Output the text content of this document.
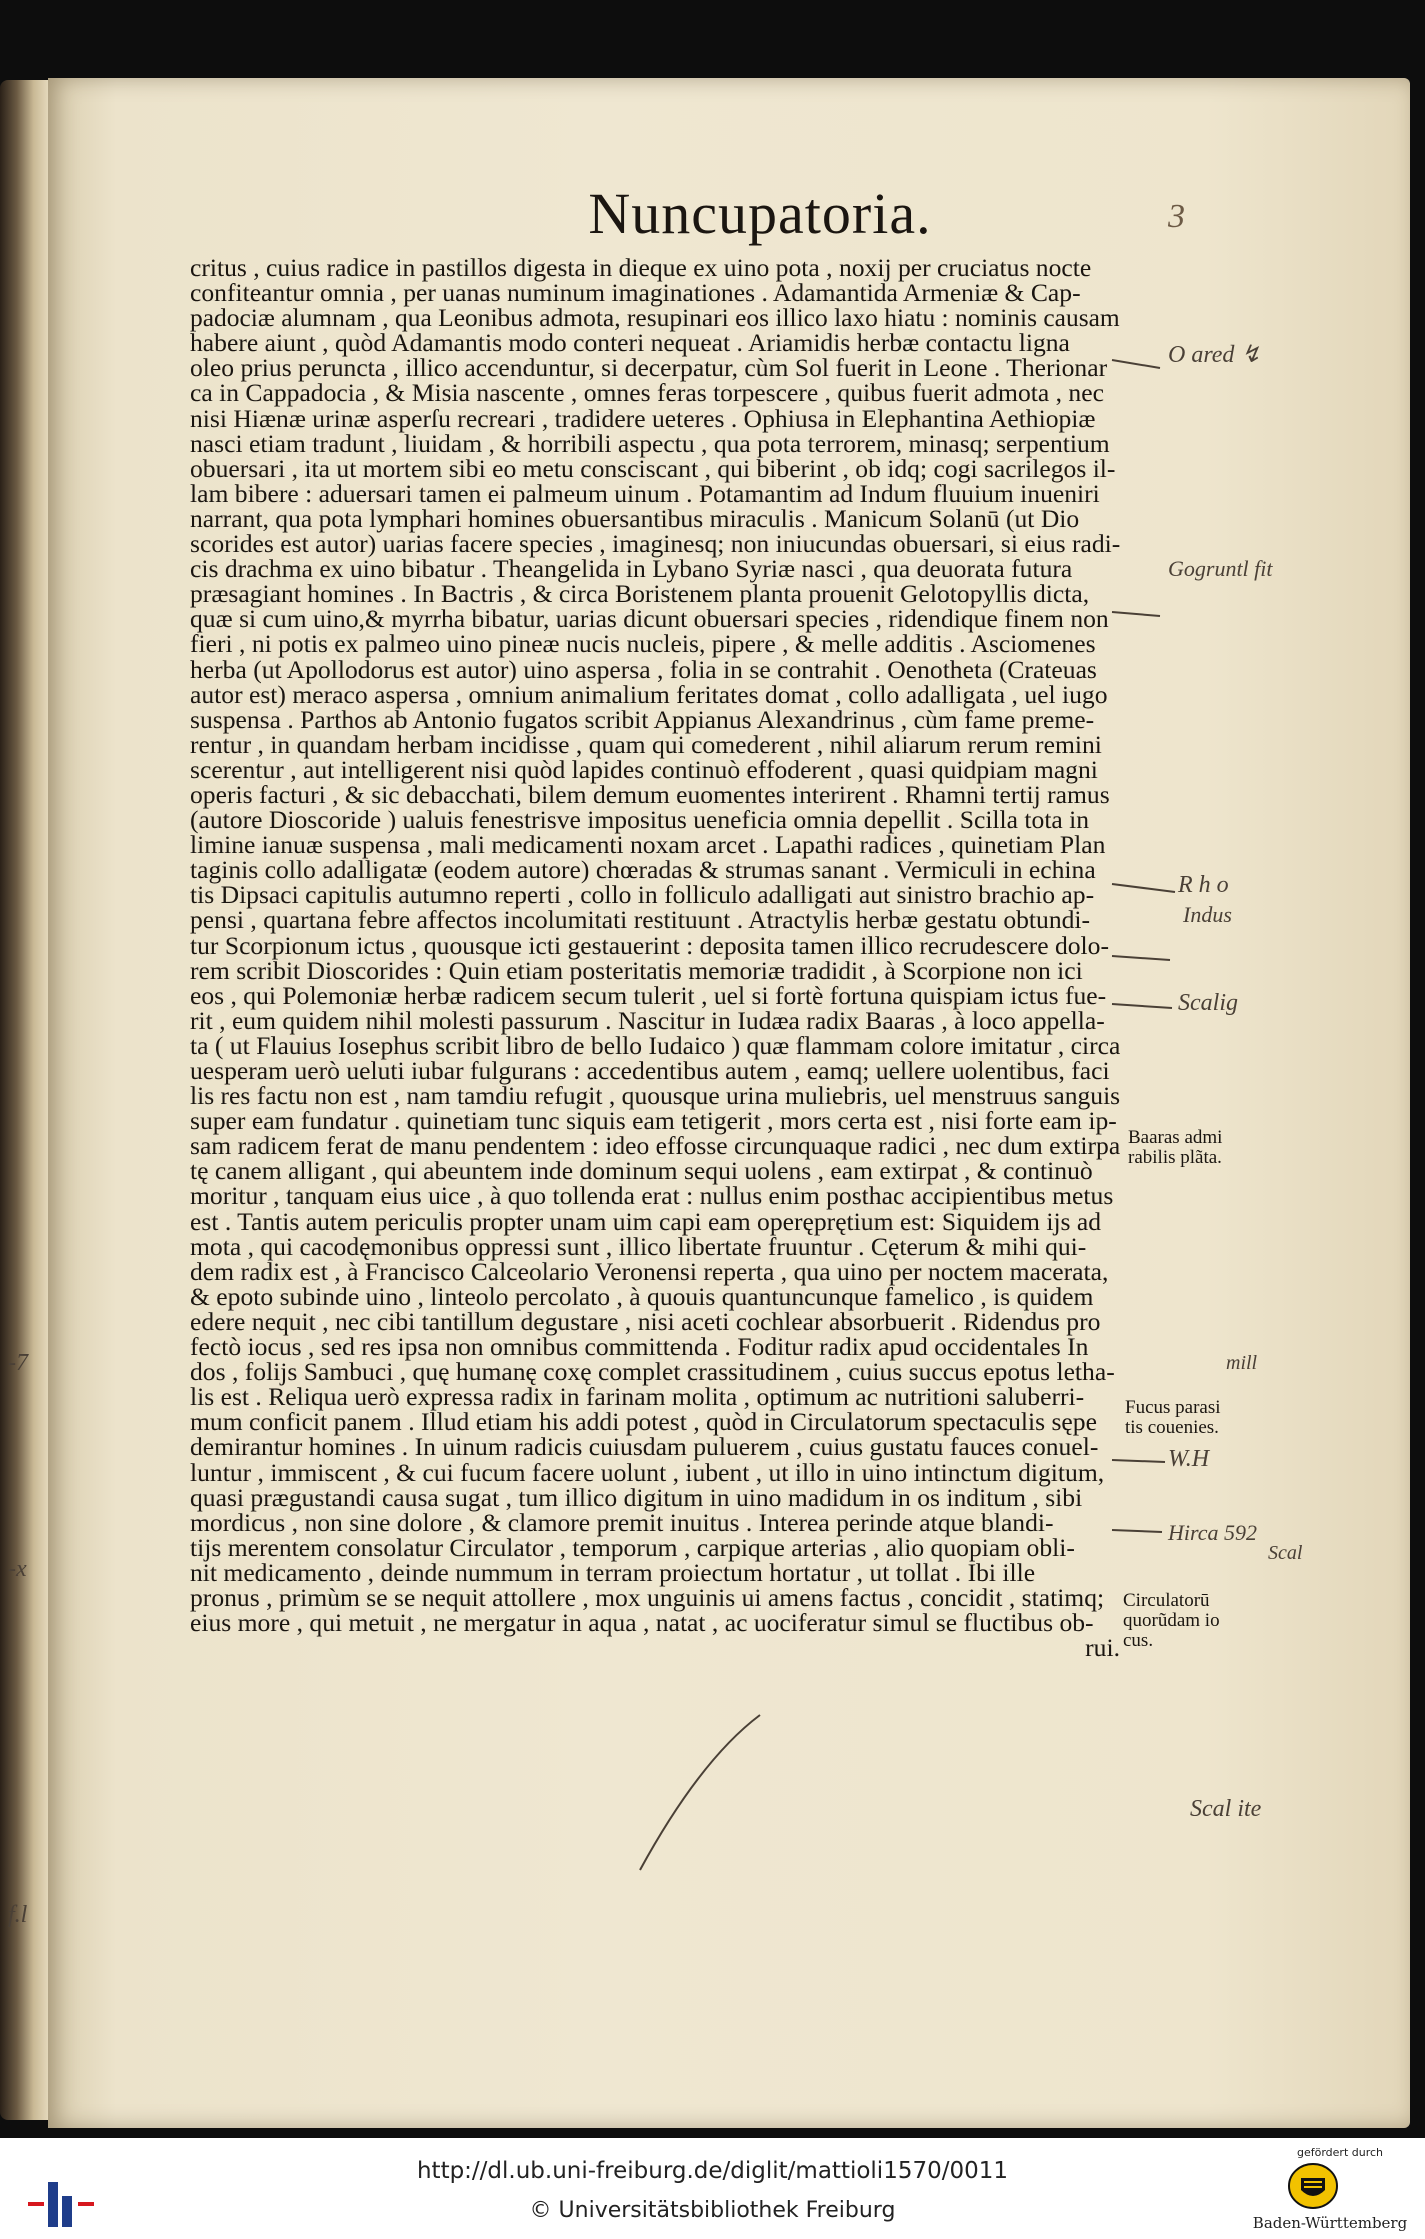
Nuncupatoria.	3
critus , cuius radice in pastillos digesta in dieque ex uino pota , noxij per cruciatus nocte
confiteantur omnia , per uanas numinum imaginationes . Adamantida Armeniæ & Cap-
padociæ alumnam , qua Leonibus admota, resupinari eos illico laxo hiatu : nominis causam
habere aiunt , quòd Adamantis modo conteri nequeat . Ariamidis herbæ contactu ligna
oleo prius peruncta , illico accenduntur, si decerpatur, cùm Sol fuerit in Leone . Therionar
ca in Cappadocia , & Misia nascente , omnes feras torpescere , quibus fuerit admota , nec
nisi Hiænæ urinæ asperſu recreari , tradidere ueteres . Ophiusa in Elephantina Aethiopiæ
nasci etiam tradunt , liuidam , & horribili aspectu , qua pota terrorem, minasq; serpentium
obuersari , ita ut mortem sibi eo metu consciscant , qui biberint , ob idq; cogi sacrilegos il-
lam bibere : aduersari tamen ei palmeum uinum . Potamantim ad Indum fluuium inueniri
narrant, qua pota lymphari homines obuersantibus miraculis . Manicum Solanū (ut Dio
scorides est autor) uarias facere species , imaginesq; non iniucundas obuersari, si eius radi-
cis drachma ex uino bibatur . Theangelida in Lybano Syriæ nasci , qua deuorata futura
præsagiant homines . In Bactris , & circa Boristenem planta prouenit Gelotopyllis dicta,
quæ si cum uino,& myrrha bibatur, uarias dicunt obuersari species , ridendique finem non
fieri , ni potis ex palmeo uino pineæ nucis nucleis, pipere , & melle additis . Asciomenes
herba (ut Apollodorus est autor) uino aspersa , folia in se contrahit . Oenotheta (Crateuas
autor est) meraco aspersa , omnium animalium feritates domat , collo adalligata , uel iugo
suspensa . Parthos ab Antonio fugatos scribit Appianus Alexandrinus , cùm fame preme-
rentur , in quandam herbam incidisse , quam qui comederent , nihil aliarum rerum remini
scerentur , aut intelligerent nisi quòd lapides continuò effoderent , quasi quidpiam magni
operis facturi , & sic debacchati, bilem demum euomentes interirent . Rhamni tertij ramus
(autore Dioscoride ) ualuis fenestrisve impositus ueneficia omnia depellit . Scilla tota in
limine ianuæ suspensa , mali medicamenti noxam arcet . Lapathi radices , quinetiam Plan
taginis collo adalligatæ (eodem autore) chœradas & strumas sanant . Vermiculi in echina
tis Dipsaci capitulis autumno reperti , collo in folliculo adalligati aut sinistro brachio ap-
pensi , quartana febre affectos incolumitati restituunt . Atractylis herbæ gestatu obtundi-
tur Scorpionum ictus , quousque icti gestauerint : deposita tamen illico recrudescere dolo-
rem scribit Dioscorides : Quin etiam posteritatis memoriæ tradidit , à Scorpione non ici
eos , qui Polemoniæ herbæ radicem secum tulerit , uel si fortè fortuna quispiam ictus fue-
rit , eum quidem nihil molesti passurum . Nascitur in Iudæa radix Baaras , à loco appella-
ta ( ut Flauius Iosephus scribit libro de bello Iudaico ) quæ flammam colore imitatur , circa
uesperam uerò ueluti iubar fulgurans : accedentibus autem , eamq; uellere uolentibus, faci
lis res factu non est , nam tamdiu refugit , quousque urina muliebris, uel menstruus sanguis
super eam fundatur . quinetiam tunc siquis eam tetigerit , mors certa est , nisi forte eam ip-
sam radicem ferat de manu pendentem : ideo effosse circunquaque radici , nec dum extirpa
tę canem alligant , qui abeuntem inde dominum sequi uolens , eam extirpat , & continuò
moritur , tanquam eius uice , à quo tollenda erat : nullus enim posthac accipientibus metus
est . Tantis autem periculis propter unam uim capi eam operęprętium est: Siquidem ijs ad
mota , qui cacodęmonibus oppressi sunt , illico libertate fruuntur . Cęterum & mihi qui-
dem radix est , à Francisco Calceolario Veronensi reperta , qua uino per noctem macerata,
& epoto subinde uino , linteolo percolato , à quouis quantuncunque famelico , is quidem
edere nequit , nec cibi tantillum degustare , nisi aceti cochlear absorbuerit . Ridendus pro
fectò iocus , sed res ipsa non omnibus committenda . Foditur radix apud occidentales In
dos , folijs Sambuci , quę humanę coxę complet crassitudinem , cuius succus epotus letha-
lis est . Reliqua uerò expressa radix in farinam molita , optimum ac nutritioni saluberri-
mum conficit panem . Illud etiam his addi potest , quòd in Circulatorum spectaculis sępe
demirantur homines . In uinum radicis cuiusdam puluerem , cuius gustatu fauces conuel-
luntur , immiscent , & cui fucum facere uolunt , iubent , ut illo in uino intinctum digitum,
quasi prægustandi causa sugat , tum illico digitum in uino madidum in os inditum , sibi
mordicus , non sine dolore , & clamore premit inuitus . Interea perinde atque blandi-
tijs merentem consolatur Circulator , temporum , carpique arterias , alio quopiam obli-
nit medicamento , deinde nummum in terram proiectum hortatur , ut tollat . Ibi ille
pronus , primùm se se nequit attollere , mox unguinis ui amens factus , concidit , statimq;
eius more , qui metuit , ne mergatur in aqua , natat , ac uociferatur simul se fluctibus ob-
rui.
Baaras admi
rabilis plãta.
Fucus parasi
tis couenies.
Circulatorū
quorũdam io
cus.
O ared ↯
Gogruntl fit
R h o
Indus
Scalig
mill
W.H
Hirca 592
Scal
Scal ite
-7
-x
f.l
http://dl.ub.uni-freiburg.de/diglit/mattioli1570/0011
© Universitätsbibliothek Freiburg
gefördert durch
Baden-Württemberg
